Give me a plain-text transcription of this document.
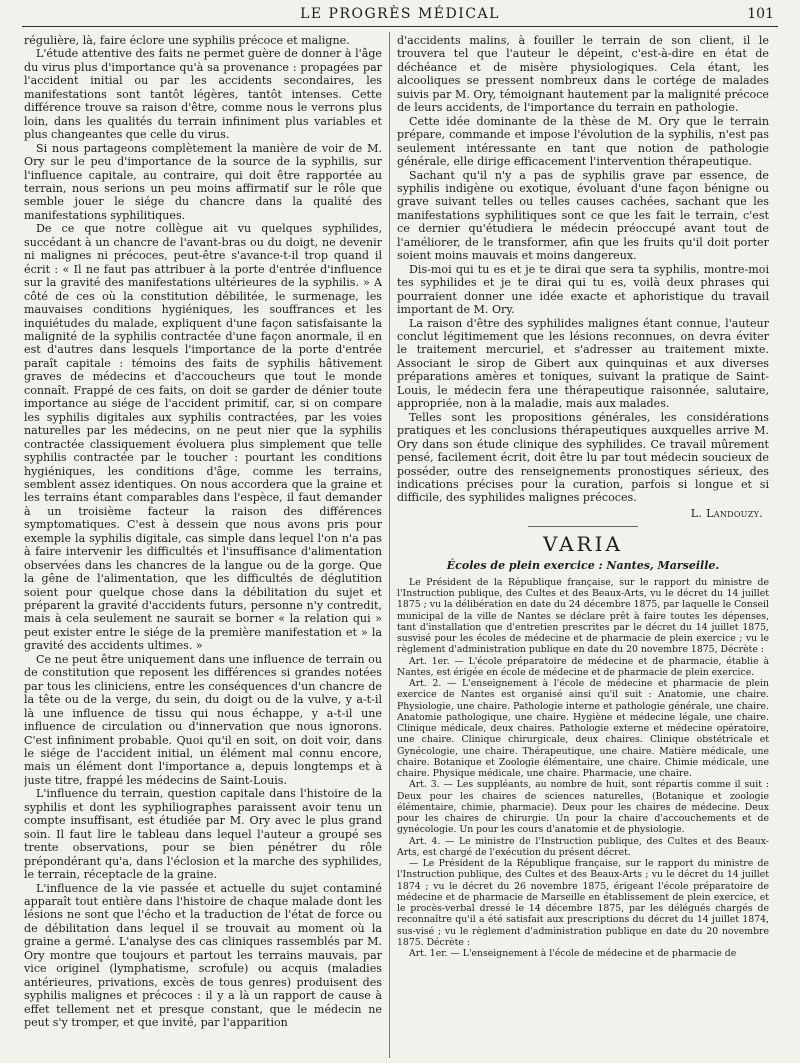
LE PROGRÈS MÉDICAL	101

régulière, là, faire éclore une syphilis précoce et maligne.

L'étude attentive des faits ne permet guère de donner à l'âge du virus plus d'importance qu'à sa provenance : propagées par l'accident initial ou par les accidents secondaires, les manifestations sont tantôt légères, tantôt intenses. Cette différence trouve sa raison d'être, comme nous le verrons plus loin, dans les qualités du terrain infiniment plus variables et plus changeantes que celle du virus.

Si nous partageons complètement la manière de voir de M. Ory sur le peu d'importance de la source de la syphilis, sur l'influence capitale, au contraire, qui doit être rapportée au terrain, nous serions un peu moins affirmatif sur le rôle que semble jouer le siége du chancre dans la qualité des manifestations syphilitiques.

De ce que notre collègue ait vu quelques syphilides, succédant à un chancre de l'avant-bras ou du doigt, ne devenir ni malignes ni précoces, peut-être s'avance-t-il trop quand il écrit : « Il ne faut pas attribuer à la porte d'entrée d'influence sur la gravité des manifestations ultérieures de la syphilis. » A côté de ces où la constitution débilitée, le surmenage, les mauvaises conditions hygiéniques, les souffrances et les inquiétudes du malade, expliquent d'une façon satisfaisante la malignité de la syphilis contractée d'une façon anormale, il en est d'autres dans lesquels l'importance de la porte d'entrée paraît capitale : témoins des faits de syphilis hâtivement graves de médecins et d'accoucheurs que tout le monde connaît. Frappé de ces faits, on doit se garder de dénier toute importance au siége de l'accident primitif, car, si on compare les syphilis digitales aux syphilis contractées, par les voies naturelles par les médecins, on ne peut nier que la syphilis contractée classiquement évoluera plus simplement que telle syphilis contractée par le toucher : pourtant les conditions hygiéniques, les conditions d'âge, comme les terrains, semblent assez identiques. On nous accordera que la graine et les terrains étant comparables dans l'espèce, il faut demander à un troisième facteur la raison des différences symptomatiques. C'est à dessein que nous avons pris pour exemple la syphilis digitale, cas simple dans lequel l'on n'a pas à faire intervenir les difficultés et l'insuffisance d'alimentation observées dans les chancres de la langue ou de la gorge. Que la gêne de l'alimentation, que les difficultés de déglutition soient pour quelque chose dans la débilitation du sujet et préparent la gravité d'accidents futurs, personne n'y contredit, mais à cela seulement ne saurait se borner « la relation qui » peut exister entre le siége de la première manifestation et » la gravité des accidents ultimes. »

Ce ne peut être uniquement dans une influence de terrain ou de constitution que reposent les différences si grandes notées par tous les cliniciens, entre les conséquences d'un chancre de la tête ou de la verge, du sein, du doigt ou de la vulve, y a-t-il là une influence de tissu qui nous échappe, y a-t-il une influence de circulation ou d'innervation que nous ignorons. C'est infiniment probable. Quoi qu'il en soit, on doit voir, dans le siége de l'accident initial, un élément mal connu encore, mais un élément dont l'importance a, depuis longtemps et à juste titre, frappé les médecins de Saint-Louis.

L'influence du terrain, question capitale dans l'histoire de la syphilis et dont les syphiliographes paraissent avoir tenu un compte insuffisant, est étudiée par M. Ory avec le plus grand soin. Il faut lire le tableau dans lequel l'auteur a groupé ses trente observations, pour se bien pénétrer du rôle prépondérant qu'a, dans l'éclosion et la marche des syphilides, le terrain, réceptacle de la graine.

L'influence de la vie passée et actuelle du sujet contaminé apparaît tout entière dans l'histoire de chaque malade dont les lésions ne sont que l'écho et la traduction de l'état de force ou de débilitation dans lequel il se trouvait au moment où la graine a germé. L'analyse des cas cliniques rassemblés par M. Ory montre que toujours et partout les terrains mauvais, par vice originel (lymphatisme, scrofule) ou acquis (maladies antérieures, privations, excès de tous genres) produisent des syphilis malignes et précoces : il y a là un rapport de cause à effet tellement net et presque constant, que le médecin ne peut s'y tromper, et que invité, par l'apparition

d'accidents malins, à fouiller le terrain de son client, il le trouvera tel que l'auteur le dépeint, c'est-à-dire en état de déchéance et de misère physiologiques. Cela étant, les alcooliques se pressent nombreux dans le cortége de malades suivis par M. Ory, témoignant hautement par la malignité précoce de leurs accidents, de l'importance du terrain en pathologie.

Cette idée dominante de la thèse de M. Ory que le terrain prépare, commande et impose l'évolution de la syphilis, n'est pas seulement intéressante en tant que notion de pathologie générale, elle dirige efficacement l'intervention thérapeutique.

Sachant qu'il n'y a pas de syphilis grave par essence, de syphilis indigène ou exotique, évoluant d'une façon bénigne ou grave suivant telles ou telles causes cachées, sachant que les manifestations syphilitiques sont ce que les fait le terrain, c'est ce dernier qu'étudiera le médecin préoccupé avant tout de l'améliorer, de le transformer, afin que les fruits qu'il doit porter soient moins mauvais et moins dangereux.

Dis-moi qui tu es et je te dirai que sera ta syphilis, montre-moi tes syphilides et je te dirai qui tu es, voilà deux phrases qui pourraient donner une idée exacte et aphoristique du travail important de M. Ory.

La raison d'être des syphilides malignes étant connue, l'auteur conclut légitimement que les lésions reconnues, on devra éviter le traitement mercuriel, et s'adresser au traitement mixte. Associant le sirop de Gibert aux quinquinas et aux diverses préparations amères et toniques, suivant la pratique de Saint-Louis, le médecin fera une thérapeutique raisonnée, salutaire, appropriée, non à la maladie, mais aux malades.

Telles sont les propositions générales, les considérations pratiques et les conclusions thérapeutiques auxquelles arrive M. Ory dans son étude clinique des syphilides. Ce travail mûrement pensé, facilement écrit, doit être lu par tout médecin soucieux de posséder, outre des renseignements pronostiques sérieux, des indications précises pour la curation, parfois si longue et si difficile, des syphilides malignes précoces.

L. Landouzy.
VARIA
Écoles de plein exercice : Nantes, Marseille.

Le Président de la République française, sur le rapport du ministre de l'Instruction publique, des Cultes et des Beaux-Arts, vu le décret du 14 juillet 1875 ; vu la délibération en date du 24 décembre 1875, par laquelle le Conseil municipal de la ville de Nantes se déclare prêt à faire toutes les dépenses, tant d'installation que d'entretien prescrites par le décret du 14 juillet 1875, susvisé pour les écoles de médecine et de pharmacie de plein exercice ; vu le règlement d'administration publique en date du 20 novembre 1875, Décrète :

Art. 1er. — L'école préparatoire de médecine et de pharmacie, établie à Nantes, est érigée en école de médecine et de pharmacie de plein exercice.

Art. 2. — L'enseignement à l'école de médecine et pharmacie de plein exercice de Nantes est organisé ainsi qu'il suit : Anatomie, une chaire. Physiologie, une chaire. Pathologie interne et pathologie générale, une chaire. Anatomie pathologique, une chaire. Hygiène et médecine légale, une chaire. Clinique médicale, deux chaires. Pathologie externe et médecine opératoire, une chaire. Clinique chirurgicale, deux chaires. Clinique obstétricale et Gynécologie, une chaire. Thérapeutique, une chaire. Matière médicale, une chaire. Botanique et Zoologie élémentaire, une chaire. Chimie médicale, une chaire. Physique médicale, une chaire. Pharmacie, une chaire.

Art. 3. — Les suppléants, au nombre de huit, sont répartis comme il suit : Deux pour les chaires de sciences naturelles, (Botanique et zoologie élémentaire, chimie, pharmacie). Deux pour les chaires de médecine. Deux pour les chaires de chirurgie. Un pour la chaire d'accouchements et de gynécologie. Un pour les cours d'anatomie et de physiologie.

Art. 4. — Le ministre de l'Instruction publique, des Cultes et des Beaux-Arts, est chargé de l'exécution du présent décret.

— Le Président de la République française, sur le rapport du ministre de l'Instruction publique, des Cultes et des Beaux-Arts ; vu le décret du 14 juillet 1874 ; vu le décret du 26 novembre 1875, érigeant l'école préparatoire de médecine et de pharmacie de Marseille en établissement de plein exercice, et le procès-verbal dressé le 14 décembre 1875, par les délégués chargés de reconnaître qu'il a été satisfait aux prescriptions du décret du 14 juillet 1874, sus-visé ; vu le règlement d'administration publique en date du 20 novembre 1875. Décrète :

Art. 1er. — L'enseignement à l'école de médecine et de pharmacie de
